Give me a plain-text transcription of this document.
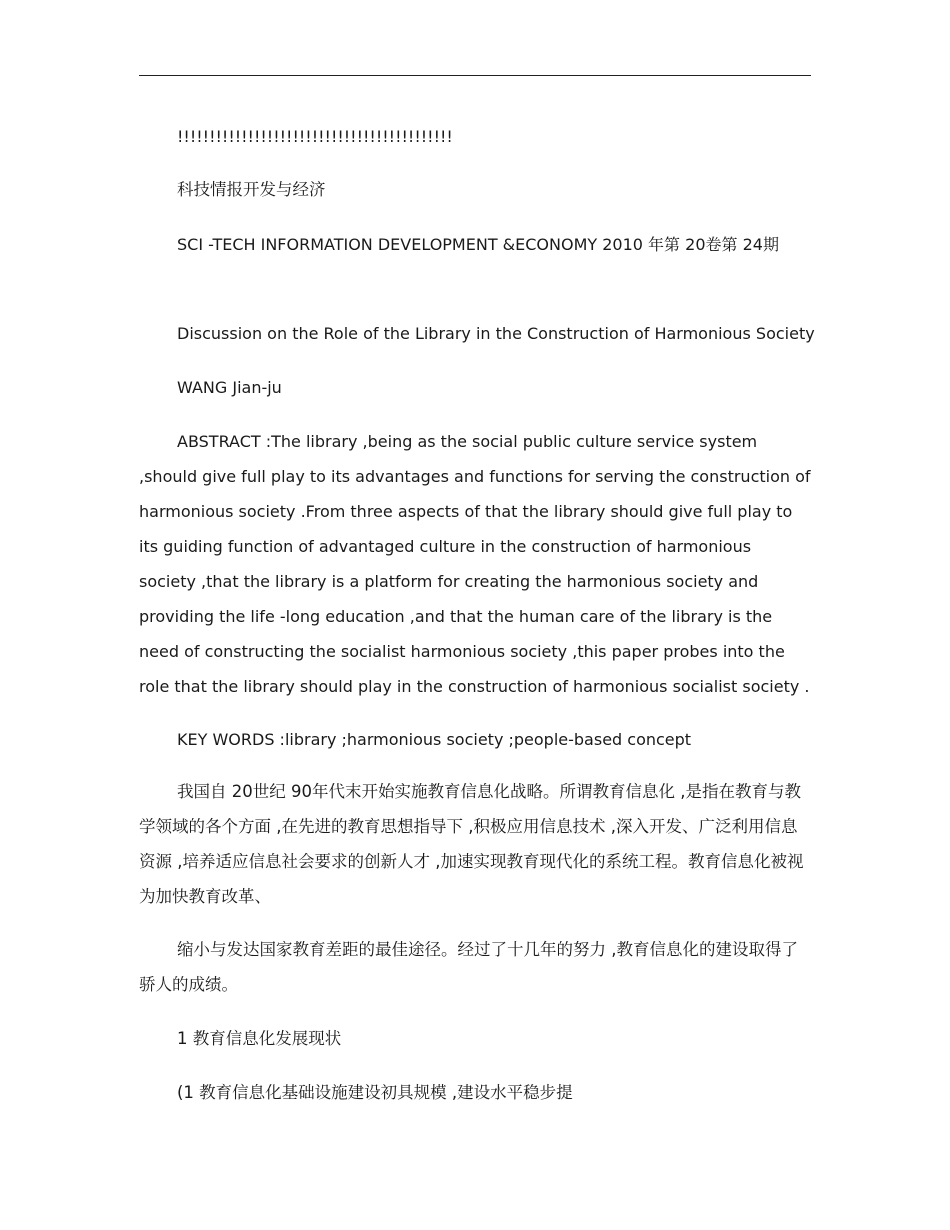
!!!!!!!!!!!!!!!!!!!!!!!!!!!!!!!!!!!!!!!!!!!

科技情报开发与经济

SCI -TECH INFORMATION DEVELOPMENT &ECONOMY 2010 年第 20卷第 24期

Discussion on the Role of the Library in the Construction of Harmonious Society

WANG Jian-ju

ABSTRACT :The library ,being as the social public culture service system ,should give full play to its advantages and functions for serving the construction of harmonious society .From three aspects of that the library should give full play to its guiding function of advantaged culture in the construction of harmonious society ,that the library is a platform for creating the harmonious society and providing the life -long education ,and that the human care of the library is the need of constructing the socialist harmonious society ,this paper probes into the role that the library should play in the construction of harmonious socialist society .

KEY WORDS :library ;harmonious society ;people-based concept

我国自 20世纪 90年代末开始实施教育信息化战略。所谓教育信息化 ,是指在教育与教学领域的各个方面 ,在先进的教育思想指导下 ,积极应用信息技术 ,深入开发、广泛利用信息资源 ,培养适应信息社会要求的创新人才 ,加速实现教育现代化的系统工程。教育信息化被视为加快教育改革、

缩小与发达国家教育差距的最佳途径。经过了十几年的努力 ,教育信息化的建设取得了骄人的成绩。

1 教育信息化发展现状

(1 教育信息化基础设施建设初具规模 ,建设水平稳步提
